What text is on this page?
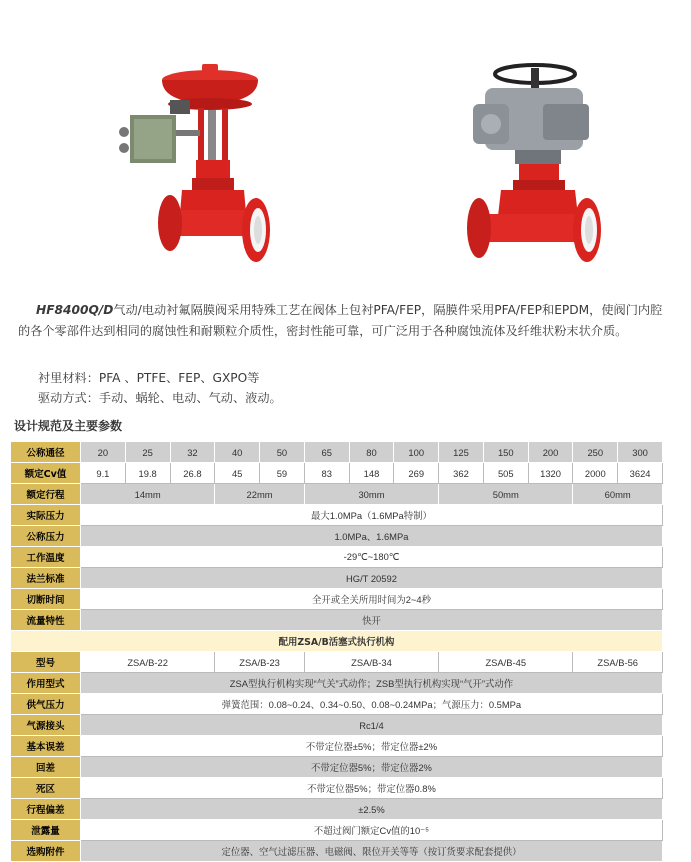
HF8400Q/D气动/电动衬氟隔膜阀采用特殊工艺在阀体上包衬PFA/FEP，隔膜件采用PFA/FEP和EPDM，使阀门内腔的各个零部件达到相同的腐蚀性和耐颗粒介质性，密封性能可靠，可广泛用于各种腐蚀流体及纤维状粉末状介质。

衬里材料：PFA 、PTFE、FEP、GXPO等
驱动方式：手动、蜗轮、电动、气动、液动。
设计规范及主要参数
公称通径	20	25	32	40	50	65	80	100	125	150	200	250	300
额定Cv值	9.1	19.8	26.8	45	59	83	148	269	362	505	1320	2000	3624
额定行程	14mm			22mm		30mm			50mm			60mm	
实际压力	最大1.0MPa（1.6MPa特制）												
公称压力	1.0MPa、1.6MPa												
工作温度	-29℃~180℃												
法兰标准	HG/T 20592												
切断时间	全开或全关所用时间为2~4秒												
流量特性	快开												
配用ZSA/B活塞式执行机构													
型号	ZSA/B-22			ZSA/B-23		ZSA/B-34			ZSA/B-45			ZSA/B-56	
作用型式	ZSA型执行机构实现“气关”式动作；ZSB型执行机构实现“气开”式动作												
供气压力	弹簧范围：0.08~0.24、0.34~0.50、0.08~0.24MPa；气源压力：0.5MPa												
气源接头	Rc1/4												
基本误差	不带定位器±5%；带定位器±2%												
回差	不带定位器5%；带定位器2%												
死区	不带定位器5%；带定位器0.8%												
行程偏差	±2.5%												
泄露量	不超过阀门额定Cv值的10⁻⁵												
选购附件	定位器、空气过滤压器、电磁阀、限位开关等等（按订货要求配套提供）												
